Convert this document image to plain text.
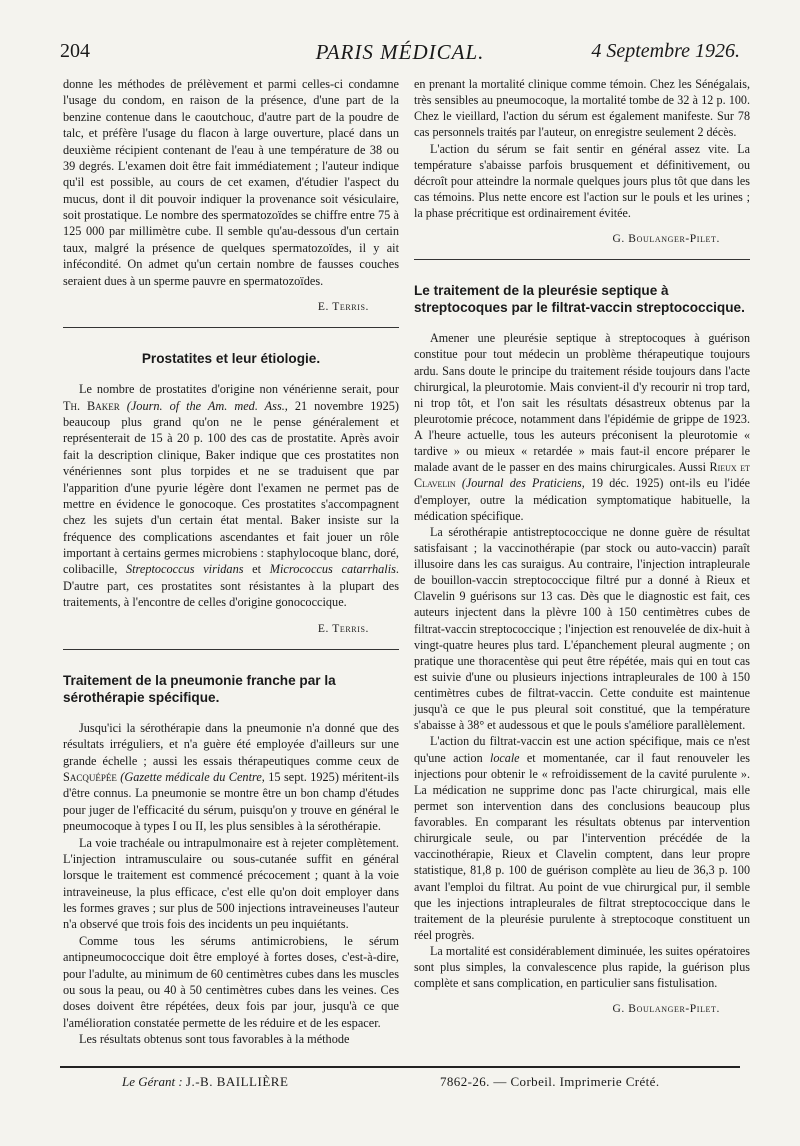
204	PARIS MÉDICAL.	4 Septembre 1926.

donne les méthodes de prélèvement et parmi celles-ci condamne l'usage du condom, en raison de la présence, d'une part de la benzine contenue dans le caoutchouc, d'autre part de la poudre de talc, et préfère l'usage du flacon à large ouverture, placé dans un deuxième récipient contenant de l'eau à une température de 38 ou 39 degrés. L'examen doit être fait immédiatement ; l'auteur indique qu'il est possible, au cours de cet examen, d'étudier l'aspect du mucus, dont il dit pouvoir indiquer la provenance soit vésiculaire, soit prostatique. Le nombre des spermatozoïdes se chiffre entre 75 à 125 000 par millimètre cube. Il semble qu'au-dessous d'un certain taux, malgré la présence de quelques spermatozoïdes, il y ait infécondité. On admet qu'un certain nombre de fausses couches seraient dues à un sperme pauvre en spermatozoïdes.

E. Terris.
Prostatites et leur étiologie.

Le nombre de prostatites d'origine non vénérienne serait, pour Th. Baker (Journ. of the Am. med. Ass., 21 novembre 1925) beaucoup plus grand qu'on ne le pense généralement et représenterait de 15 à 20 p. 100 des cas de prostatite. Après avoir fait la description clinique, Baker indique que ces prostatites non vénériennes sont plus torpides et ne se traduisent que par l'apparition d'une pyurie légère dont l'examen ne permet pas de mettre en évidence le gonocoque. Ces prostatites s'accompagnent chez les sujets d'un certain état mental. Baker insiste sur la fréquence des complications ascendantes et fait jouer un rôle important à certains germes microbiens : staphylocoque blanc, doré, colibacille, Streptococcus viridans et Micrococcus catarrhalis. D'autre part, ces prostatites sont résistantes à la plupart des traitements, à l'encontre de celles d'origine gonococcique.

E. Terris.
Traitement de la pneumonie franche par la sérothérapie spécifique.

Jusqu'ici la sérothérapie dans la pneumonie n'a donné que des résultats irréguliers, et n'a guère été employée d'ailleurs sur une grande échelle ; aussi les essais thérapeutiques comme ceux de Sacquépée (Gazette médicale du Centre, 15 sept. 1925) méritent-ils d'être connus. La pneumonie se montre être un bon champ d'études pour juger de l'efficacité du sérum, puisqu'on y trouve en général le pneumocoque à types I ou II, les plus sensibles à la sérothérapie.

La voie trachéale ou intrapulmonaire est à rejeter complètement. L'injection intramusculaire ou sous-cutanée suffit en général lorsque le traitement est commencé précocement ; quant à la voie intraveineuse, la plus efficace, c'est elle qu'on doit employer dans les formes graves ; sur plus de 500 injections intraveineuses l'auteur n'a observé que trois fois des incidents un peu inquiétants.

Comme tous les sérums antimicrobiens, le sérum antipneumococcique doit être employé à fortes doses, c'est-à-dire, pour l'adulte, au minimum de 60 centimètres cubes dans les muscles ou sous la peau, ou 40 à 50 centimètres cubes dans les veines. Ces doses doivent être répétées, deux fois par jour, jusqu'à ce que l'amélioration constatée permette de les réduire et de les espacer.

Les résultats obtenus sont tous favorables à la méthode

en prenant la mortalité clinique comme témoin. Chez les Sénégalais, très sensibles au pneumocoque, la mortalité tombe de 32 à 12 p. 100. Chez le vieillard, l'action du sérum est également manifeste. Sur 78 cas personnels traités par l'auteur, on enregistre seulement 2 décès.

L'action du sérum se fait sentir en général assez vite. La température s'abaisse parfois brusquement et définitivement, ou décroît pour atteindre la normale quelques jours plus tôt que dans les cas témoins. Plus nette encore est l'action sur le pouls et les urines ; la phase précritique est ordinairement évitée.

G. Boulanger-Pilet.
Le traitement de la pleurésie septique à streptocoques par le filtrat-vaccin streptococcique.

Amener une pleurésie septique à streptocoques à guérison constitue pour tout médecin un problème thérapeutique toujours ardu. Sans doute le principe du traitement réside toujours dans l'acte chirurgical, la pleurotomie. Mais convient-il d'y recourir ni trop tard, ni trop tôt, et l'on sait les résultats désastreux obtenus par la pleurotomie précoce, notamment dans l'épidémie de grippe de 1923. A l'heure actuelle, tous les auteurs préconisent la pleurotomie « tardive » ou mieux « retardée » mais faut-il encore préparer le malade avant de le passer en des mains chirurgicales. Aussi Rieux et Clavelin (Journal des Praticiens, 19 déc. 1925) ont-ils eu l'idée d'employer, outre la médication symptomatique habituelle, la médication spécifique.

La sérothérapie antistreptococcique ne donne guère de résultat satisfaisant ; la vaccinothérapie (par stock ou auto-vaccin) paraît illusoire dans les cas suraigus. Au contraire, l'injection intrapleurale de bouillon-vaccin streptococcique filtré pur a donné à Rieux et Clavelin 9 guérisons sur 13 cas. Dès que le diagnostic est fait, ces auteurs injectent dans la plèvre 100 à 150 centimètres cubes de filtrat-vaccin streptococcique ; l'injection est renouvelée de dix-huit à vingt-quatre heures plus tard. L'épanchement pleural augmente ; on pratique une thoracentèse qui peut être répétée, mais qui en tout cas est suivie d'une ou plusieurs injections intrapleurales de 100 à 150 centimètres cubes de filtrat-vaccin. Cette conduite est maintenue jusqu'à ce que le pus pleural soit constitué, que la température s'abaisse à 38° et audessous et que le pouls s'améliore parallèlement.

L'action du filtrat-vaccin est une action spécifique, mais ce n'est qu'une action locale et momentanée, car il faut renouveler les injections pour obtenir le « refroidissement de la cavité purulente ». La médication ne supprime donc pas l'acte chirurgical, mais elle permet son intervention dans des conclusions beaucoup plus favorables. En comparant les résultats obtenus par intervention chirurgicale seule, ou par l'intervention précédée de la vaccinothérapie, Rieux et Clavelin comptent, dans leur propre statistique, 81,8 p. 100 de guérison complète au lieu de 36,3 p. 100 avant l'emploi du filtrat. Au point de vue chirurgical pur, il semble que les injections intrapleurales de filtrat streptococcique dans le traitement de la pleurésie purulente à streptocoque constituent un réel progrès.

La mortalité est considérablement diminuée, les suites opératoires sont plus simples, la convalescence plus rapide, la guérison plus complète et sans complication, en particulier sans fistulisation.

G. Boulanger-Pilet.
Le Gérant : J.-B. BAILLIÈRE	7862-26. — Corbeil. Imprimerie Crété.
